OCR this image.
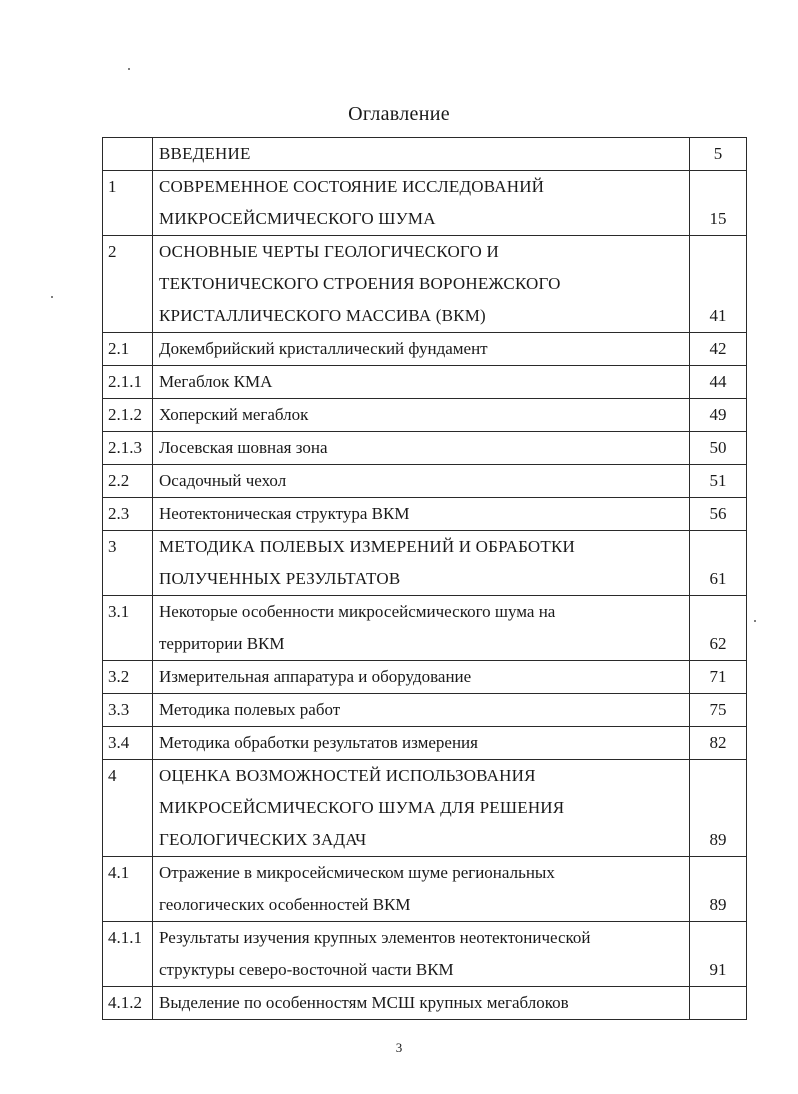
Оглавление
	ВВЕДЕНИЕ	5
1	СОВРЕМЕННОЕ СОСТОЯНИЕ ИССЛЕДОВАНИЙ
МИКРОСЕЙСМИЧЕСКОГО ШУМА	15
2	ОСНОВНЫЕ ЧЕРТЫ ГЕОЛОГИЧЕСКОГО И
ТЕКТОНИЧЕСКОГО СТРОЕНИЯ ВОРОНЕЖСКОГО
КРИСТАЛЛИЧЕСКОГО МАССИВА (ВКМ)	41
2.1	Докембрийский кристаллический фундамент	42
2.1.1	Мегаблок КМА	44
2.1.2	Хоперский мегаблок	49
2.1.3	Лосевская шовная зона	50
2.2	Осадочный чехол	51
2.3	Неотектоническая структура ВКМ	56
3	МЕТОДИКА ПОЛЕВЫХ ИЗМЕРЕНИЙ И ОБРАБОТКИ
ПОЛУЧЕННЫХ РЕЗУЛЬТАТОВ	61
3.1	Некоторые особенности микросейсмического шума на
территории ВКМ	62
3.2	Измерительная аппаратура и оборудование	71
3.3	Методика полевых работ	75
3.4	Методика обработки результатов измерения	82
4	ОЦЕНКА ВОЗМОЖНОСТЕЙ ИСПОЛЬЗОВАНИЯ
МИКРОСЕЙСМИЧЕСКОГО ШУМА ДЛЯ РЕШЕНИЯ
ГЕОЛОГИЧЕСКИХ ЗАДАЧ	89
4.1	Отражение в микросейсмическом шуме региональных
геологических особенностей ВКМ	89
4.1.1	Результаты изучения крупных элементов неотектонической
структуры северо-восточной части ВКМ	91
4.1.2	Выделение по особенностям МСШ крупных мегаблоков	
3
